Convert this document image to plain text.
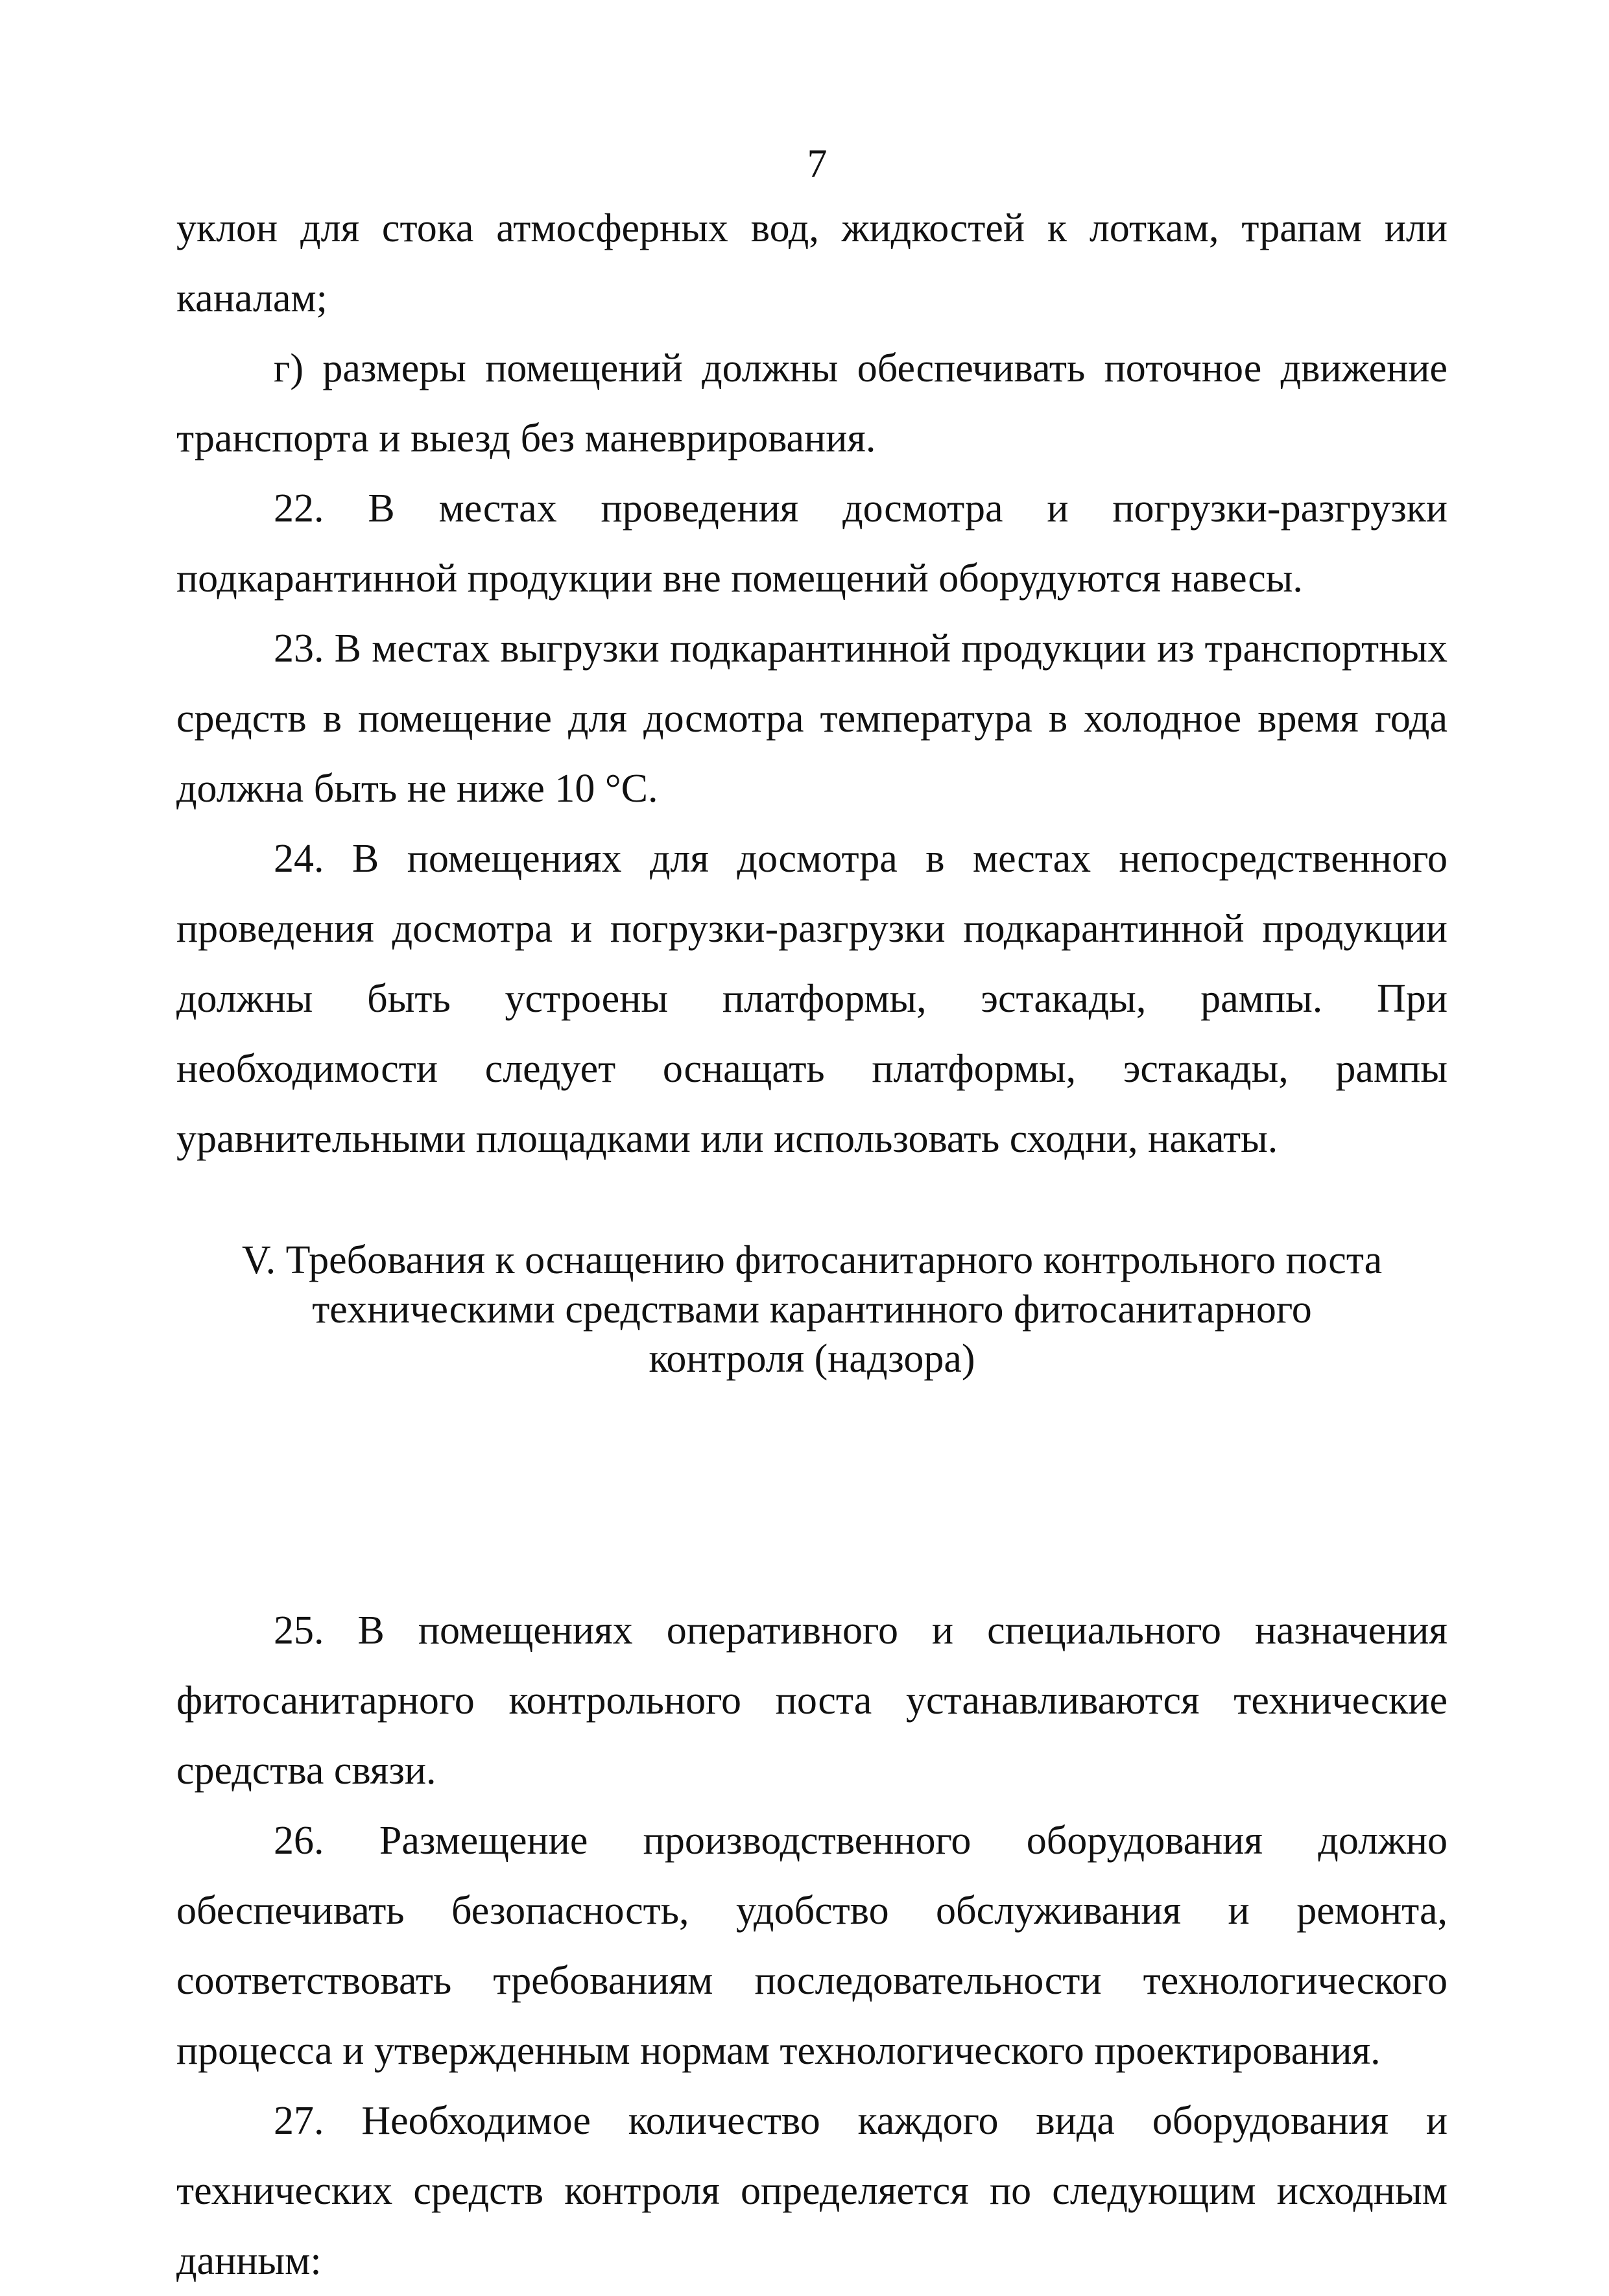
7

уклон для стока атмосферных вод, жидкостей к лоткам, трапам или каналам;

г) размеры помещений должны обеспечивать поточное движение транспорта и выезд без маневрирования.

22. В местах проведения досмотра и погрузки-разгрузки подкарантинной продукции вне помещений оборудуются навесы.

23. В местах выгрузки подкарантинной продукции из транспортных средств в помещение для досмотра температура в холодное время года должна быть не ниже 10 °С.

24. В помещениях для досмотра в местах непосредственного проведения досмотра и погрузки-разгрузки подкарантинной продукции должны быть устроены платформы, эстакады, рампы. При необходимости следует оснащать платформы, эстакады, рампы уравнительными площадками или использовать сходни, накаты.

V. Требования к оснащению фитосанитарного контрольного поста
техническими средствами карантинного фитосанитарного
контроля (надзора)

25. В помещениях оперативного и специального назначения фитосанитарного контрольного поста устанавливаются технические средства связи.

26. Размещение производственного оборудования должно обеспечивать безопасность, удобство обслуживания и ремонта, соответствовать требованиям последовательности технологического процесса и утвержденным нормам технологического проектирования.

27. Необходимое количество каждого вида оборудования и технических средств контроля определяется по следующим исходным данным:
